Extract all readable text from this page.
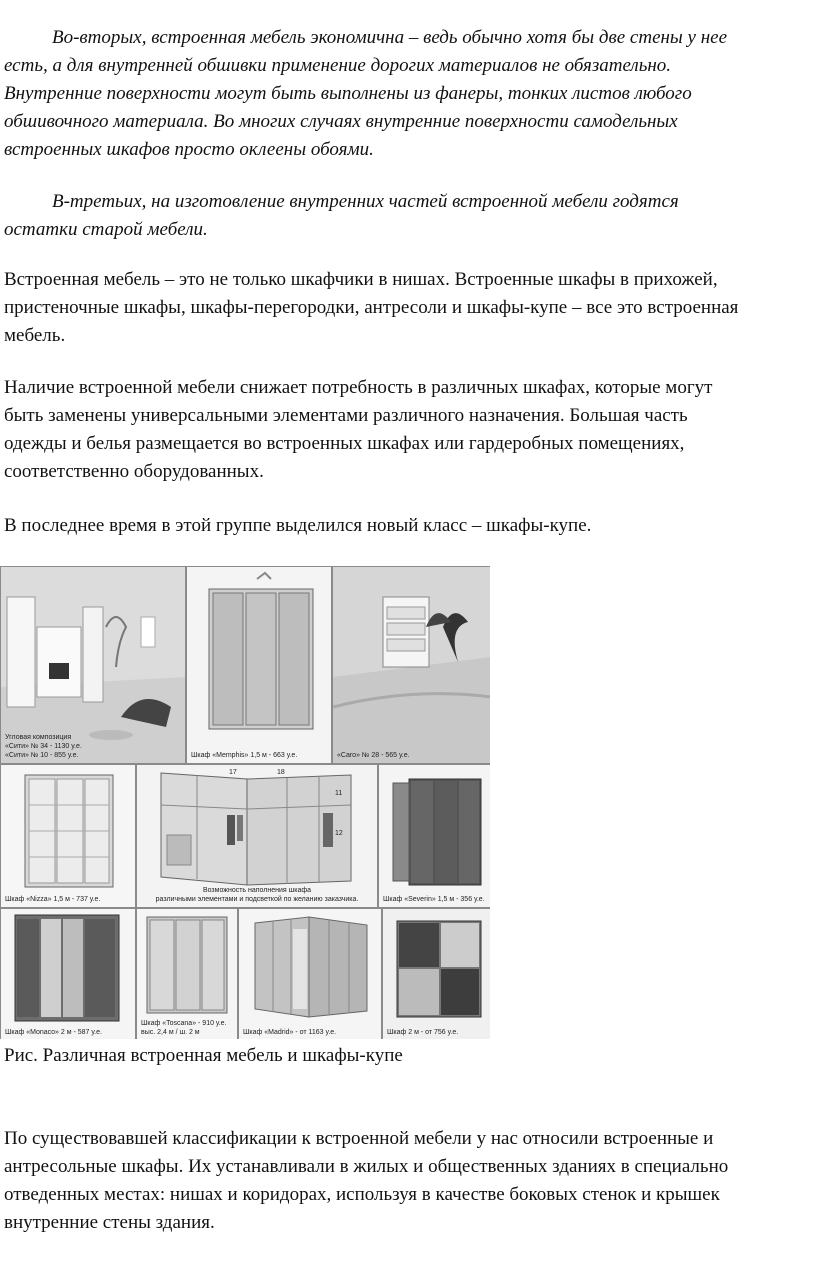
Во-вторых, встроенная мебель экономична – ведь обычно хотя бы две стены у нее
есть, а для внутренней обшивки применение дорогих материалов не обязательно.
Внутренние поверхности могут быть выполнены из фанеры, тонких листов любого
обшивочного материала. Во многих случаях внутренние поверхности самодельных
встроенных шкафов просто оклеены обоями.
В-третьих, на изготовление внутренних частей встроенной мебели годятся
остатки старой мебели.
Встроенная мебель – это не только шкафчики в нишах. Встроенные шкафы в прихожей,
пристеночные шкафы, шкафы-перегородки, антресоли и шкафы-купе – все это встроенная
мебель.
Наличие встроенной мебели снижает потребность в различных шкафах, которые могут
быть заменены универсальными элементами различного назначения. Большая часть
одежды и белья размещается во встроенных шкафах или гардеробных помещениях,
соответственно оборудованных.
В последнее время в этой группе выделился новый класс – шкафы-купе.
Угловая композиция
«Сити» № 34 - 1130 у.е.
«Сити» № 10 - 855 у.е.	Шкаф «Memphis» 1,5 м - 663 у.е.	«Caro» № 28 - 565 у.е.
Шкаф «Nizza» 1,5 м - 737 у.е.
17	18
11
12
Возможность наполнения шкафа
различными элементами и подсветкой по желанию заказчика.	Шкаф «Severin» 1,5 м - 356 у.е.
Шкаф «Monaco» 2 м - 587 у.е.
Шкаф «Toscana» - 910 у.е.
выс. 2,4 м / ш. 2 м	Шкаф «Madrid» - от 1163 у.е.	Шкаф 2 м - от 756 у.е.
Рис. Различная встроенная мебель и шкафы-купе
По существовавшей классификации к встроенной мебели у нас относили встроенные и
антресольные шкафы. Их устанавливали в жилых и общественных зданиях в специально
отведенных местах: нишах и коридорах, используя в качестве боковых стенок и крышек
внутренние стены здания.
